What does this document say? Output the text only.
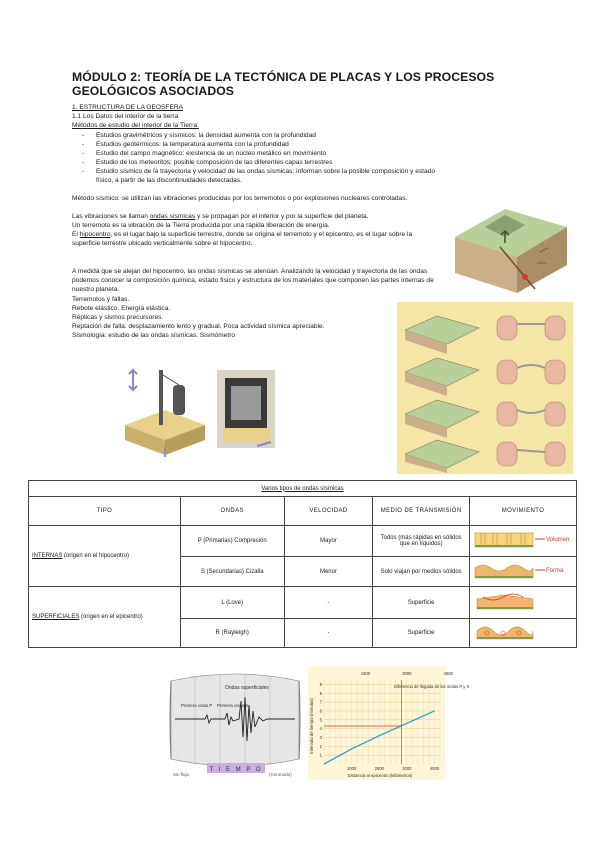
MÓDULO 2: TEORÍA DE LA TECTÓNICA DE PLACAS Y LOS PROCESOS GEOLÓGICOS ASOCIADOS
1. ESTRUCTURA DE LA GEOSFERA
1.1 Los Datos del interior de la tierra
Métodos de estudio del interior de la Tierra:
- Estudios gravimétricos y sísmicos: la densidad aumenta con la profundidad
- Estudios geotérmicos: la temperatura aumenta con la profundidad
- Estudio del campo magnético: existencia de un núcleo metálico en movimiento
- Estudio de los meteoritos: posible composición de las diferentes capas terrestres
- Estudio sísmico de la trayectoria y velocidad de las ondas sísmicas: informan sobre la posible composición y estado físico, a partir de las discontinuidades detectadas.
Método sísmico: se utilizan las vibraciones producidas por los terremotos o por explosiones nucleares controladas.
Las vibraciones se llaman ondas sísmicas y se propagan por el interior y por la superficie del planeta.
Un terremoto es la vibración de la Tierra producida por una rápida liberación de energía.
El hipocentro, es el lugar bajo la superficie terrestre, donde se origina el terremoto y el epicentro, es el lugar sobre la superficie terrestre ubicado verticalmente sobre el hipocentro.
A medida que se alejan del hipocentro, las ondas sísmicas se atenúan. Analizando la velocidad y trayectoria de las ondas podemos conocer la composición química, estado físico y estructura de los materiales que componen las partes internas de nuestro planeta.
Terremotos y fallas.
Rebote elástico. Energía elástica.
Réplicas y sismos precursores.
Reptación de falla: desplazamiento lento y gradual. Poca actividad sísmica apreciable.
Sismología: estudio de las ondas sísmicas. Sismómetro
Varios tipos de ondas sísmicas				
TIPO	ONDAS	VELOCIDAD	MEDIO DE TRANSMISIÓN	MOVIMIENTO
INTERNAS (origen en el hipocentro)	P (Primarias) Compresión	Mayor	Todos (más rápidas en sólidos que en líquidos)	Volumen

	S (Secundarias) Cizalla	Menor	Solo viajan por medios sólidos	Forma

SUPERFICIALES (origen en el epicentro)	L (Love)	-	Superficie	
	R (Rayleigh)	-	Superficie	
T I E M P O
Sin flujo	(Ceronodo)
Ondas superficiales
Primera onda P Primera onda S
1
2
3
4
5
6
7
8
9
1000	2000	3000	4000
1500	3000	4500
Diferencia de llegada de las ondas P y S
Distancia al epicentro (kilómetros)
Intervalo de tiempo (minutos)
